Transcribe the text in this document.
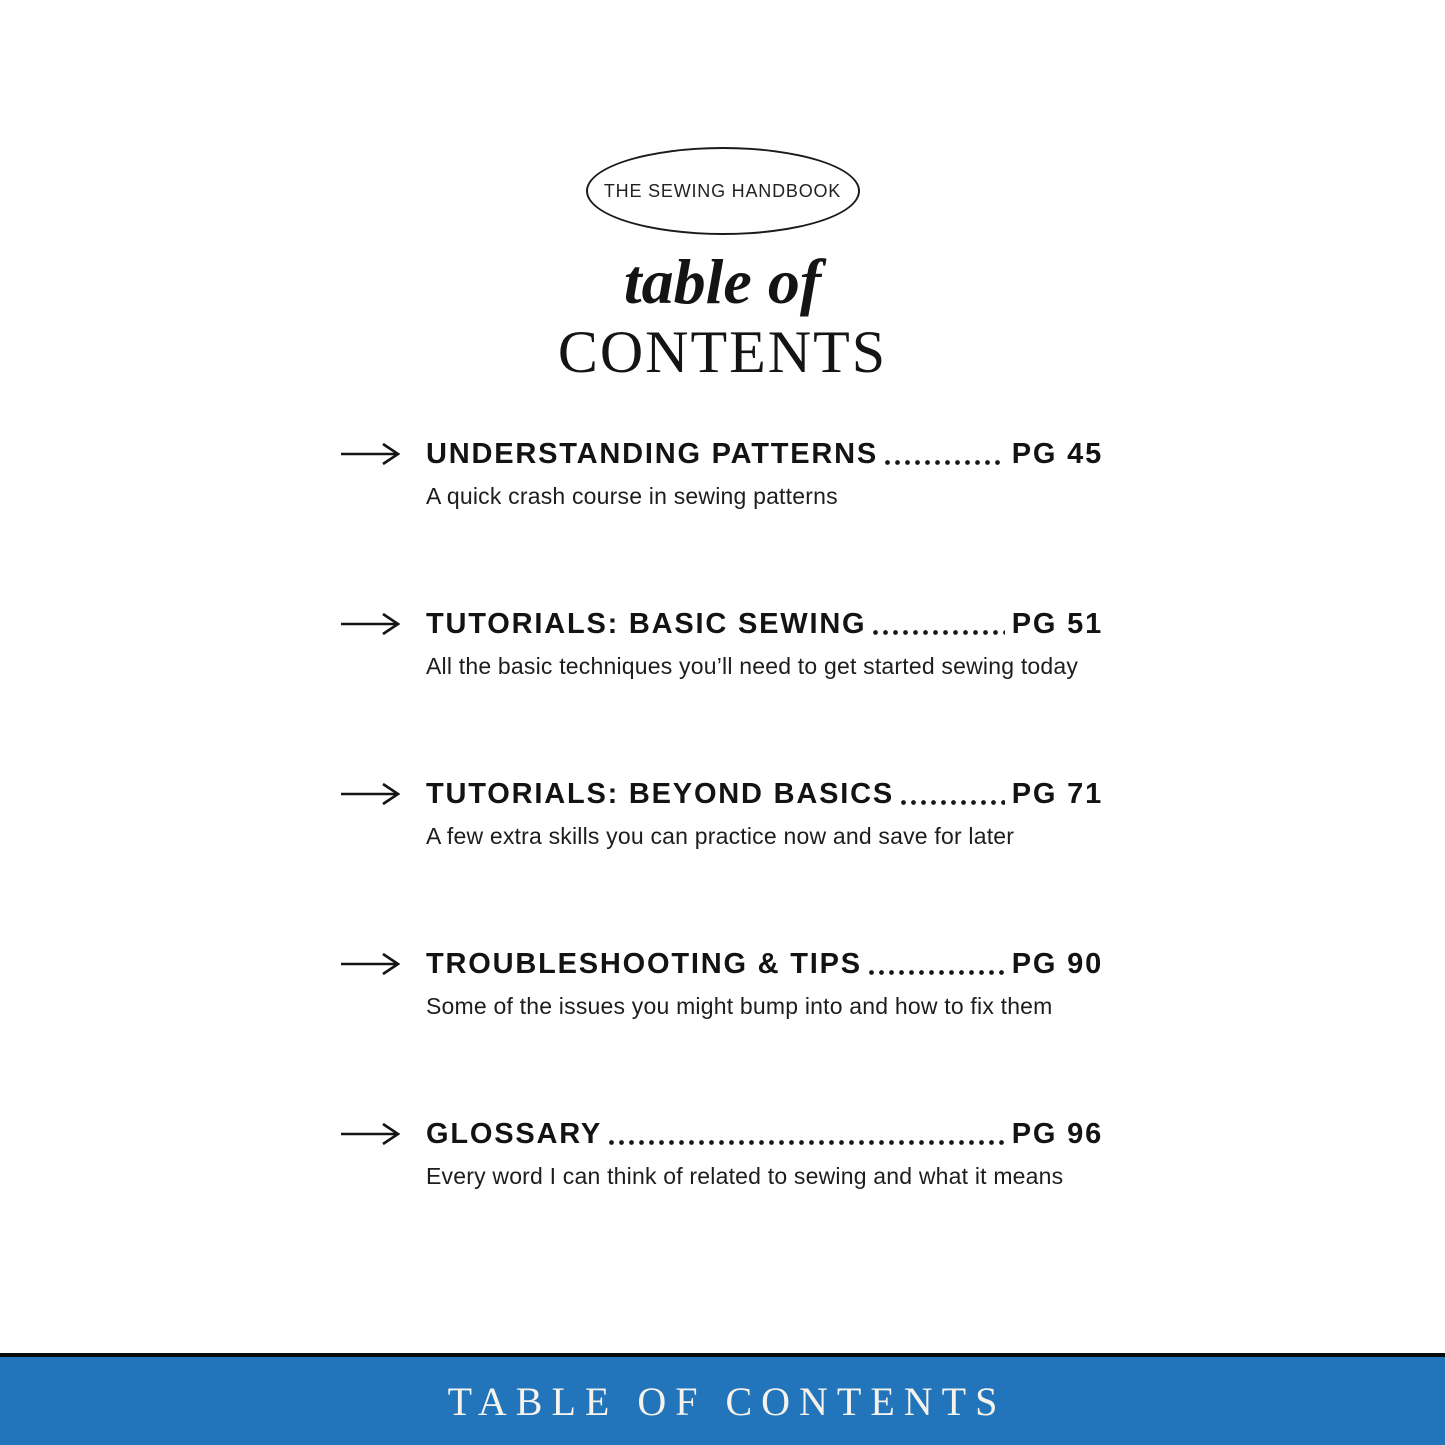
THE SEWING HANDBOOK
table of
CONTENTS
UNDERSTANDING PATTERNS	PG 45
A quick crash course in sewing patterns
TUTORIALS: BASIC SEWING	PG 51
All the basic techniques you’ll need to get started sewing today
TUTORIALS: BEYOND BASICS	PG 71
A few extra skills you can practice now and save for later
TROUBLESHOOTING & TIPS	PG 90
Some of the issues you might bump into and how to fix them
GLOSSARY	PG 96
Every word I can think of related to sewing and what it means
TABLE OF CONTENTS
